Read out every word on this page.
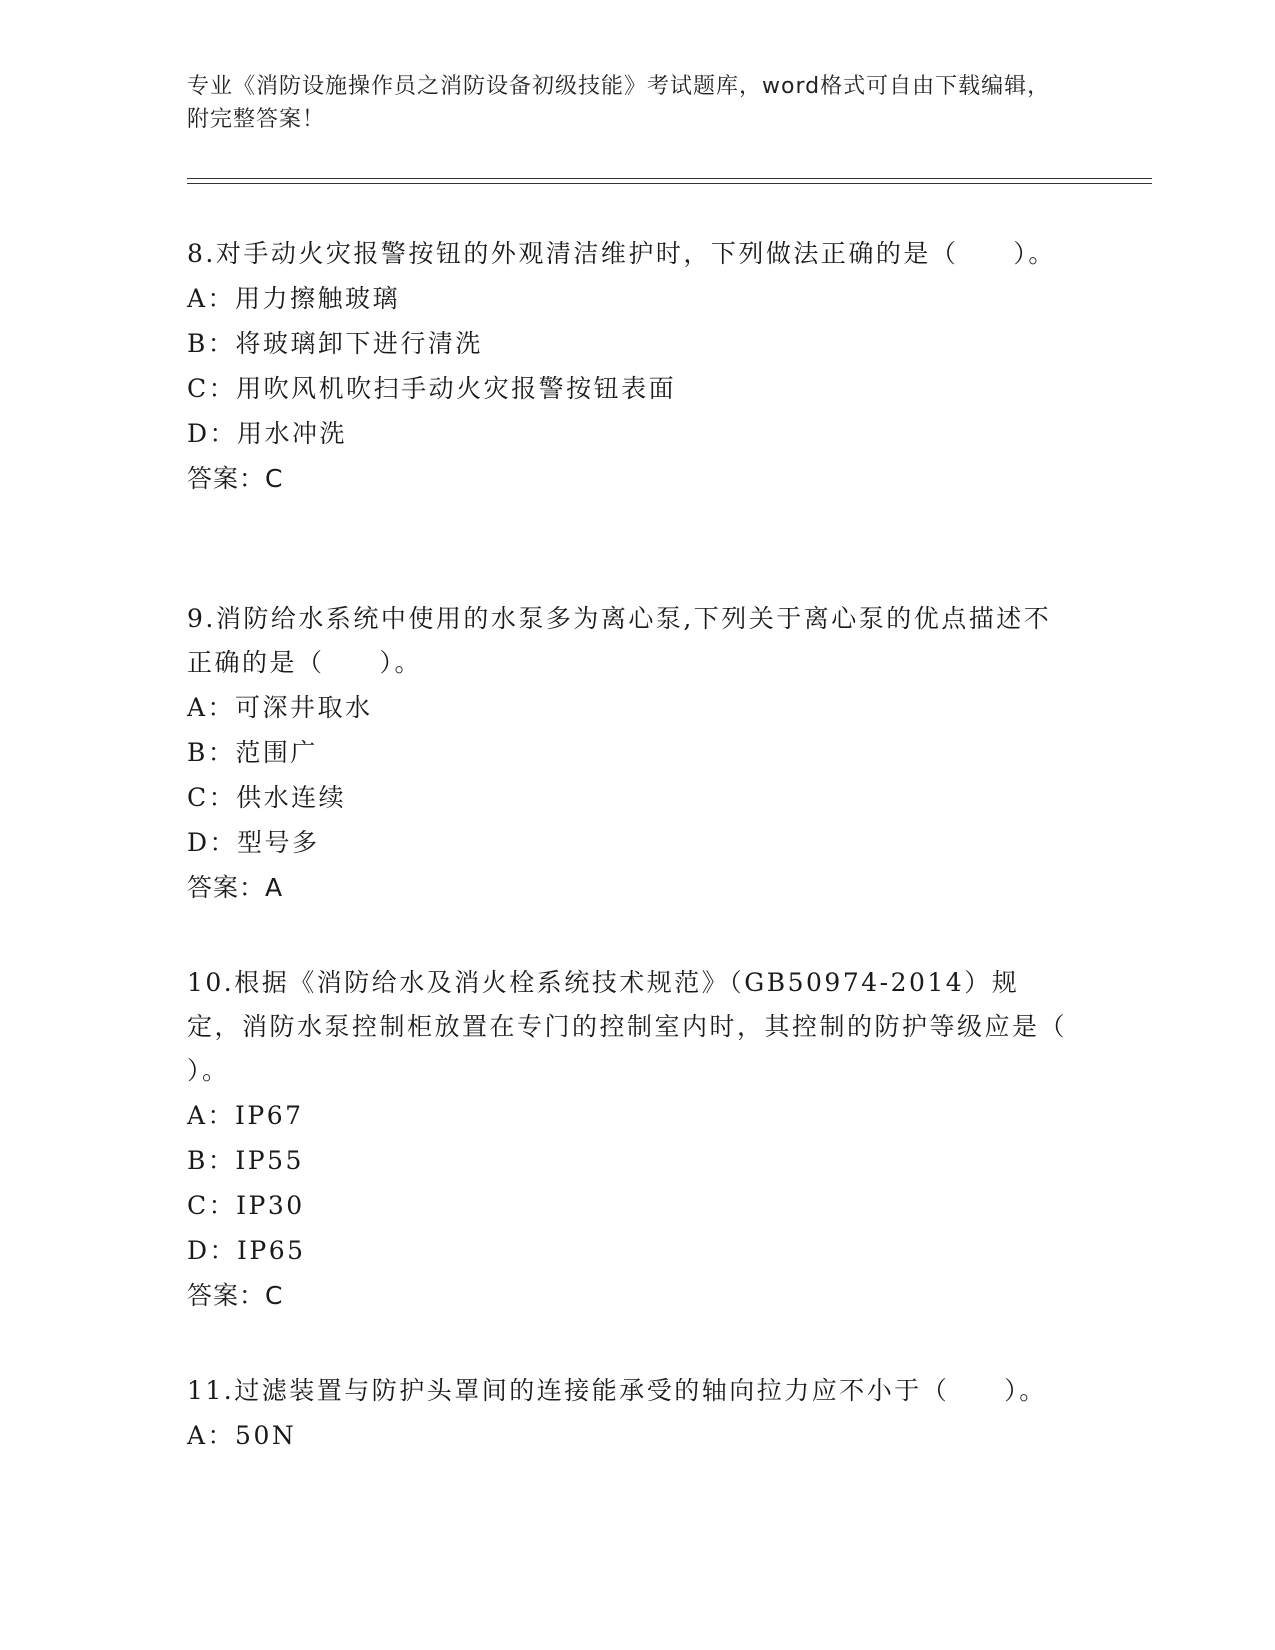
专业《消防设施操作员之消防设备初级技能》考试题库，word格式可自由下载编辑，附完整答案！
8.对手动火灾报警按钮的外观清洁维护时，下列做法正确的是（　　）。
A：用力擦触玻璃
B：将玻璃卸下进行清洗
C：用吹风机吹扫手动火灾报警按钮表面
D：用水冲洗
答案：C
9.消防给水系统中使用的水泵多为离心泵,下列关于离心泵的优点描述不正确的是（　　）。
A：可深井取水
B：范围广
C：供水连续
D：型号多
答案：A
10.根据《消防给水及消火栓系统技术规范》（GB50974-2014）规定，消防水泵控制柜放置在专门的控制室内时，其控制的防护等级应是（　　）。
A：IP67
B：IP55
C：IP30
D：IP65
答案：C
11.过滤装置与防护头罩间的连接能承受的轴向拉力应不小于（　　）。
A：50N
